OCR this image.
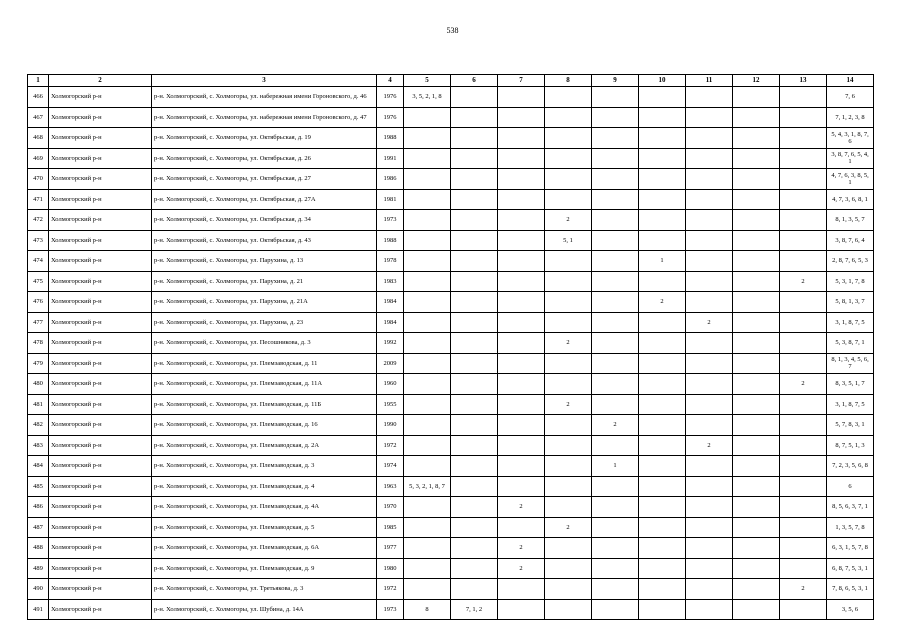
538
1	2	3	4	5	6	7	8	9	10	11	12	13	14
466	Холмогорский р-н	р-н. Холмогорский, с. Холмогоры, ул. набережная имени Гороновского, д. 46	1976	3, 5, 2, 1, 8									7, 6
467	Холмогорский р-н	р-н. Холмогорский, с. Холмогоры, ул. набережная имени Гороновского, д. 47	1976										7, 1, 2, 3, 8
468	Холмогорский р-н	р-н. Холмогорский, с. Холмогоры, ул. Октябрьская, д. 19	1988										5, 4, 3, 1, 8, 7, 6
469	Холмогорский р-н	р-н. Холмогорский, с. Холмогоры, ул. Октябрьская, д. 26	1991										3, 8, 7, 6, 5, 4, 1
470	Холмогорский р-н	р-н. Холмогорский, с. Холмогоры, ул. Октябрьская, д. 27	1986										4, 7, 6, 3, 8, 5, 1
471	Холмогорский р-н	р-н. Холмогорский, с. Холмогоры, ул. Октябрьская, д. 27А	1981										4, 7, 3, 6, 8, 1
472	Холмогорский р-н	р-н. Холмогорский, с. Холмогоры, ул. Октябрьская, д. 34	1973				2						8, 1, 3, 5, 7
473	Холмогорский р-н	р-н. Холмогорский, с. Холмогоры, ул. Октябрьская, д. 43	1988				5, 1						3, 8, 7, 6, 4
474	Холмогорский р-н	р-н. Холмогорский, с. Холмогоры, ул. Парухина, д. 13	1978						1				2, 8, 7, 6, 5, 3
475	Холмогорский р-н	р-н. Холмогорский, с. Холмогоры, ул. Парухина, д. 21	1983									2	5, 3, 1, 7, 8
476	Холмогорский р-н	р-н. Холмогорский, с. Холмогоры, ул. Парухина, д. 21А	1984						2				5, 8, 1, 3, 7
477	Холмогорский р-н	р-н. Холмогорский, с. Холмогоры, ул. Парухина, д. 23	1984							2			3, 1, 8, 7, 5
478	Холмогорский р-н	р-н. Холмогорский, с. Холмогоры, ул. Песошникова, д. 3	1992				2						5, 3, 8, 7, 1
479	Холмогорский р-н	р-н. Холмогорский, с. Холмогоры, ул. Племзаводская, д. 11	2009										8, 1, 3, 4, 5, 6, 7
480	Холмогорский р-н	р-н. Холмогорский, с. Холмогоры, ул. Племзаводская, д. 11А	1960									2	8, 3, 5, 1, 7
481	Холмогорский р-н	р-н. Холмогорский, с. Холмогоры, ул. Племзаводская, д. 11Б	1955				2						3, 1, 8, 7, 5
482	Холмогорский р-н	р-н. Холмогорский, с. Холмогоры, ул. Племзаводская, д. 16	1990					2					5, 7, 8, 3, 1
483	Холмогорский р-н	р-н. Холмогорский, с. Холмогоры, ул. Племзаводская, д. 2А	1972							2			8, 7, 5, 1, 3
484	Холмогорский р-н	р-н. Холмогорский, с. Холмогоры, ул. Племзаводская, д. 3	1974					1					7, 2, 3, 5, 6, 8
485	Холмогорский р-н	р-н. Холмогорский, с. Холмогоры, ул. Племзаводская, д. 4	1963	5, 3, 2, 1, 8, 7									6
486	Холмогорский р-н	р-н. Холмогорский, с. Холмогоры, ул. Племзаводская, д. 4А	1970			2							8, 5, 6, 3, 7, 1
487	Холмогорский р-н	р-н. Холмогорский, с. Холмогоры, ул. Племзаводская, д. 5	1985				2						1, 3, 5, 7, 8
488	Холмогорский р-н	р-н. Холмогорский, с. Холмогоры, ул. Племзаводская, д. 6А	1977			2							6, 3, 1, 5, 7, 8
489	Холмогорский р-н	р-н. Холмогорский, с. Холмогоры, ул. Племзаводская, д. 9	1980			2							6, 8, 7, 5, 3, 1
490	Холмогорский р-н	р-н. Холмогорский, с. Холмогоры, ул. Третьякова, д. 3	1972									2	7, 8, 6, 5, 3, 1
491	Холмогорский р-н	р-н. Холмогорский, с. Холмогоры, ул. Шубина, д. 14А	1973	8	7, 1, 2								3, 5, 6
